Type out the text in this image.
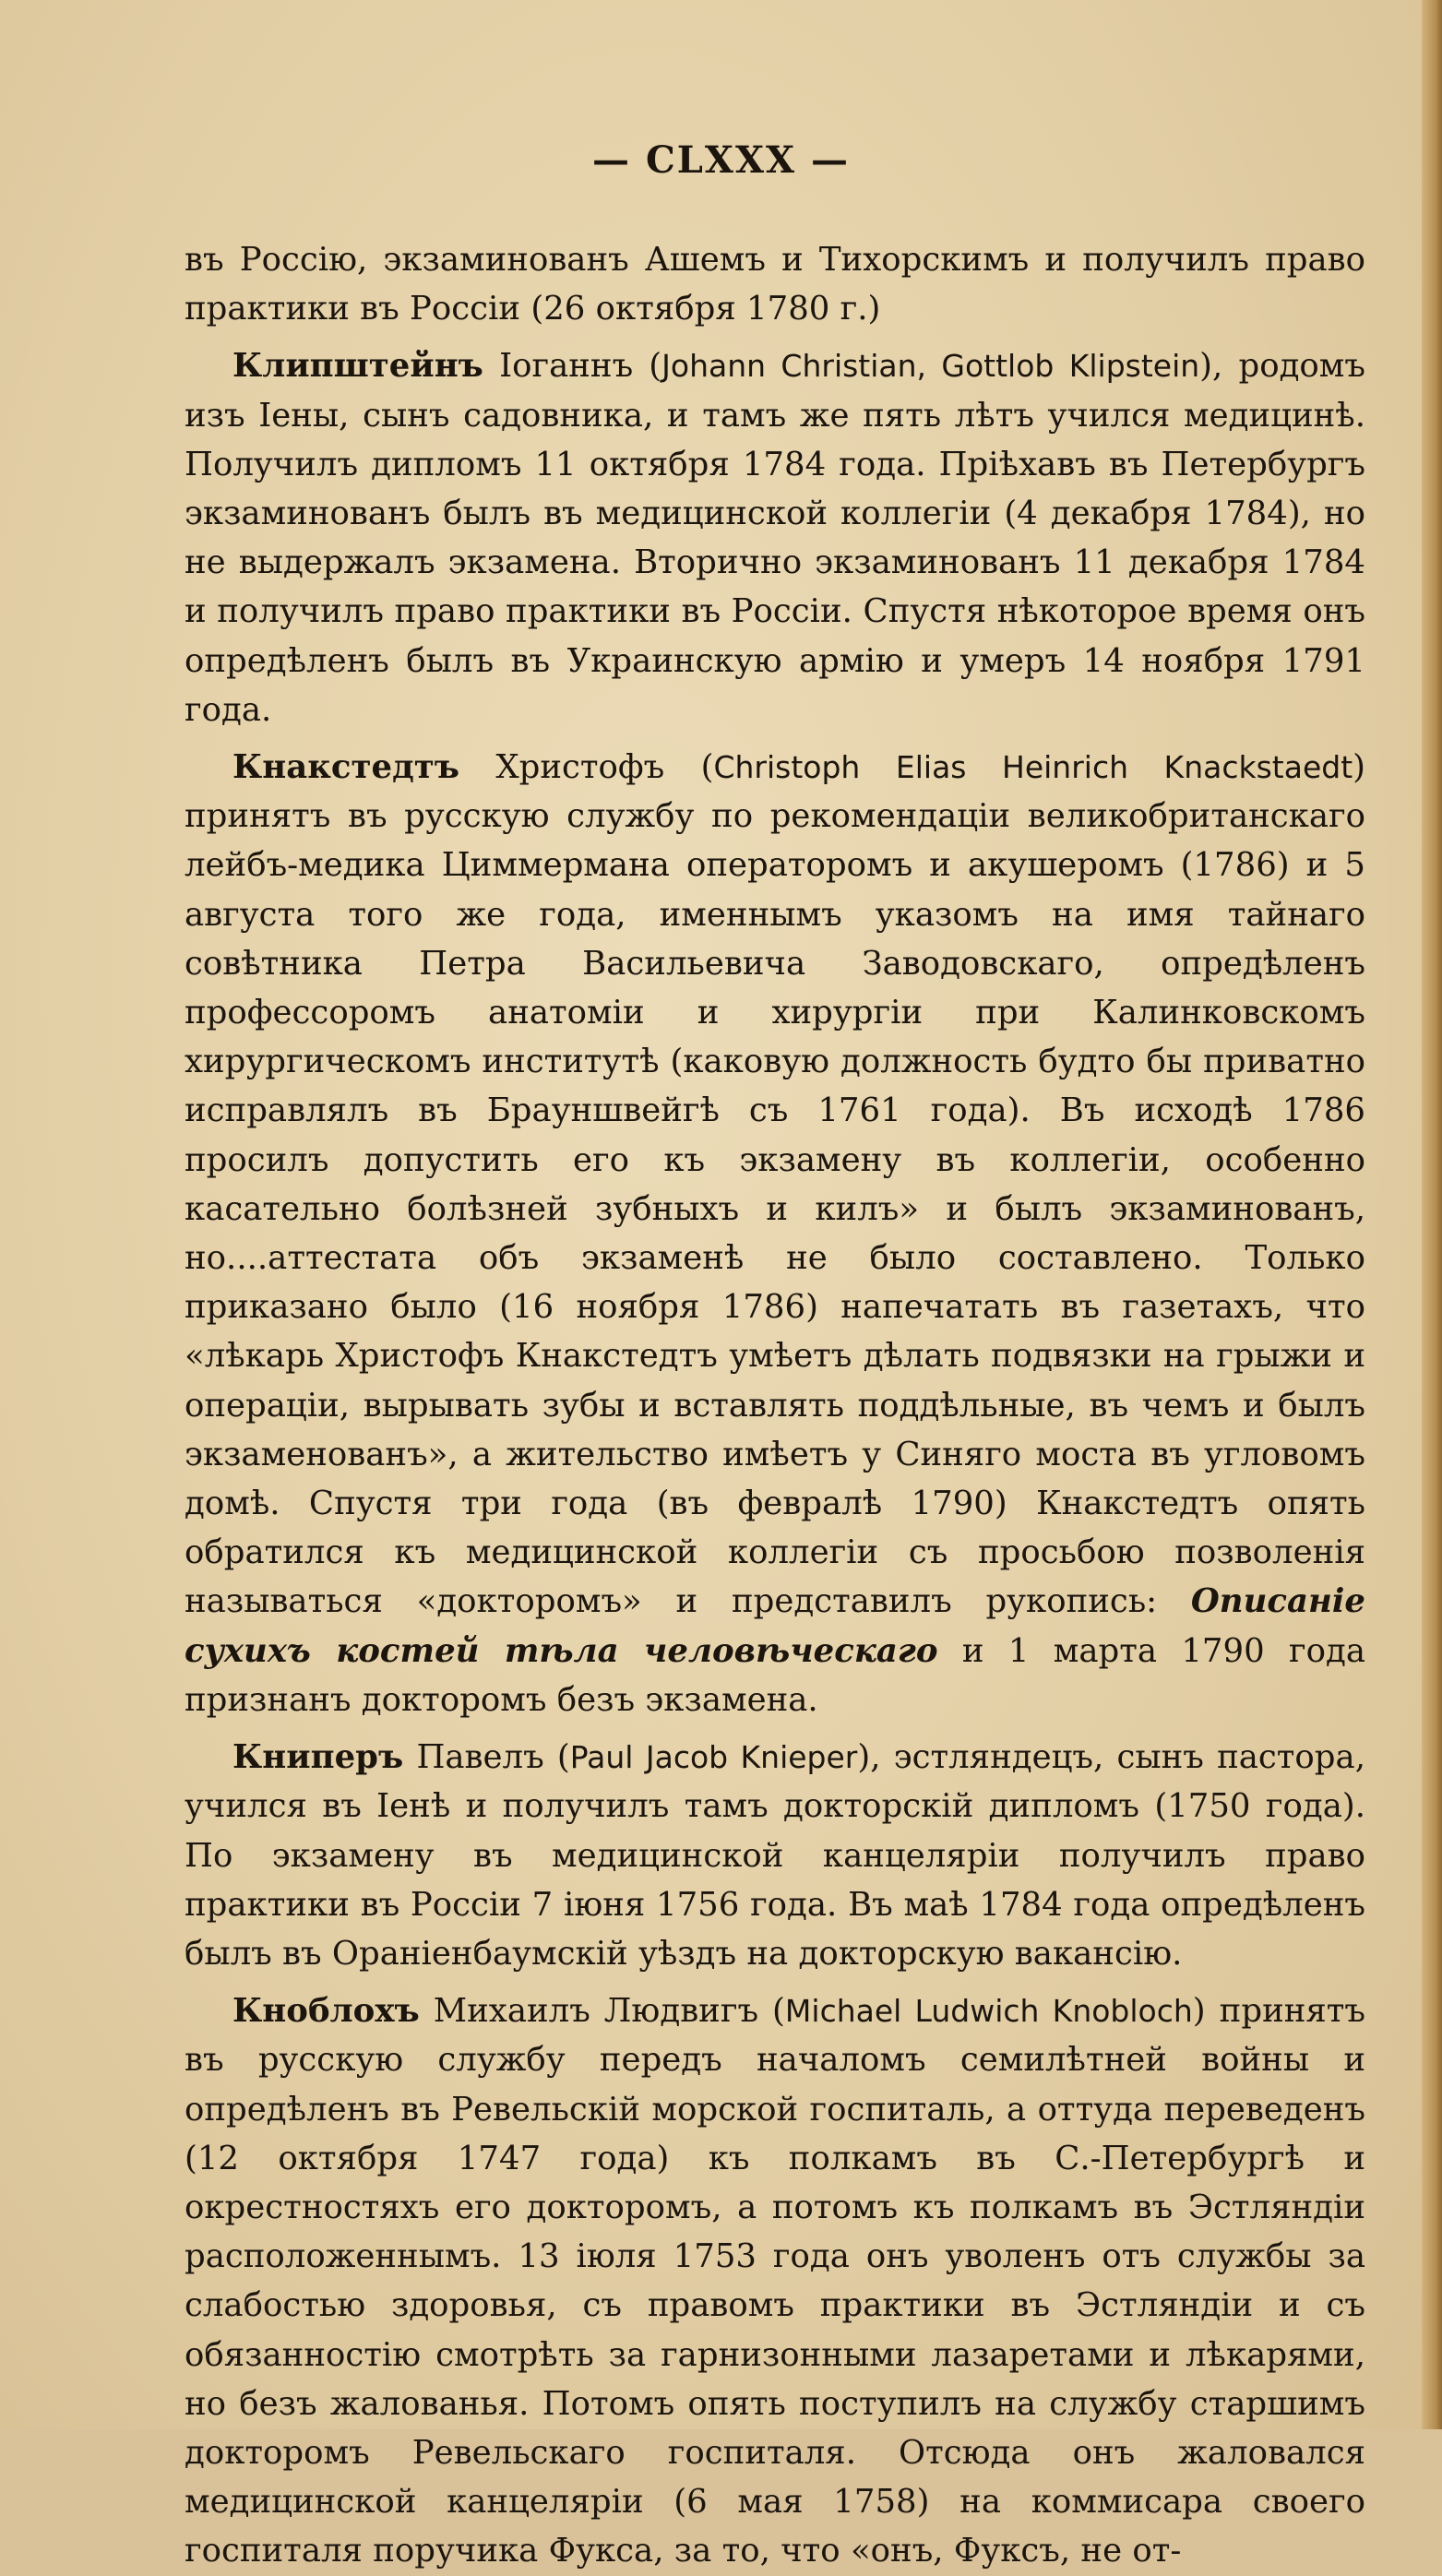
— CLXXX —

въ Россію, экзаминованъ Ашемъ и Тихорскимъ и получилъ право практики въ Россіи (26 октября 1780 г.)

Клипштейнъ Іоганнъ (Johann Christian, Gottlob Klipstein), родомъ изъ Іены, сынъ садовника, и тамъ же пять лѣтъ учился медицинѣ. Получилъ дипломъ 11 октября 1784 года. Пріѣхавъ въ Петербургъ экзаминованъ былъ въ медицинской коллегіи (4 декабря 1784), но не выдержалъ экзамена. Вторично экзаминованъ 11 декабря 1784 и получилъ право практики въ Россіи. Спустя нѣкоторое время онъ опредѣленъ былъ въ Украинскую армію и умеръ 14 ноября 1791 года.

Кнакстедтъ Христофъ (Christoph Elias Heinrich Knackstaedt) принятъ въ русскую службу по рекомендаціи великобританскаго лейбъ-медика Циммермана операторомъ и акушеромъ (1786) и 5 августа того же года, именнымъ указомъ на имя тайнаго совѣтника Петра Васильевича Заводовскаго, опредѣленъ профессоромъ анатоміи и хирургіи при Калинковскомъ хирургическомъ институтѣ (каковую должность будто бы приватно исправлялъ въ Брауншвейгѣ съ 1761 года). Въ исходѣ 1786 просилъ допустить его къ экзамену въ коллегіи, особенно касательно болѣзней зубныхъ и килъ» и былъ экзаминованъ, но....аттестата объ экзаменѣ не было составлено. Только приказано было (16 ноября 1786) напечатать въ газетахъ, что «лѣкарь Христофъ Кнакстедтъ умѣетъ дѣлать подвязки на грыжи и операціи, вырывать зубы и вставлять поддѣльные, въ чемъ и былъ экзаменованъ», а жительство имѣетъ у Синяго моста въ угловомъ домѣ. Спустя три года (въ февралѣ 1790) Кнакстедтъ опять обратился къ медицинской коллегіи съ просьбою позволенія называться «докторомъ» и представилъ рукопись: Описаніе сухихъ костей тѣла человѣческаго и 1 марта 1790 года признанъ докторомъ безъ экзамена.

Книперъ Павелъ (Paul Jacob Knieper), эстляндецъ, сынъ пастора, учился въ Іенѣ и получилъ тамъ докторскій дипломъ (1750 года). По экзамену въ медицинской канцеляріи получилъ право практики въ Россіи 7 іюня 1756 года. Въ маѣ 1784 года опредѣленъ былъ въ Ораніенбаумскій уѣздъ на докторскую вакансію.

Кноблохъ Михаилъ Людвигъ (Michael Ludwich Knobloch) принятъ въ русскую службу передъ началомъ семилѣтней войны и опредѣленъ въ Ревельскій морской госпиталь, а оттуда переведенъ (12 октября 1747 года) къ полкамъ въ С.-Петербургѣ и окрестностяхъ его докторомъ, а потомъ къ полкамъ въ Эстляндіи расположеннымъ. 13 іюля 1753 года онъ уволенъ отъ службы за слабостью здоровья, съ правомъ практики въ Эстляндіи и съ обязанностію смотрѣть за гарнизонными лазаретами и лѣкарями, но безъ жалованья. Потомъ опять поступилъ на службу старшимъ докторомъ Ревельскаго госпиталя. Отсюда онъ жаловался медицинской канцеляріи (6 мая 1758) на коммисара своего госпиталя поручика Фукса, за то, что «онъ, Фуксъ, не от-
